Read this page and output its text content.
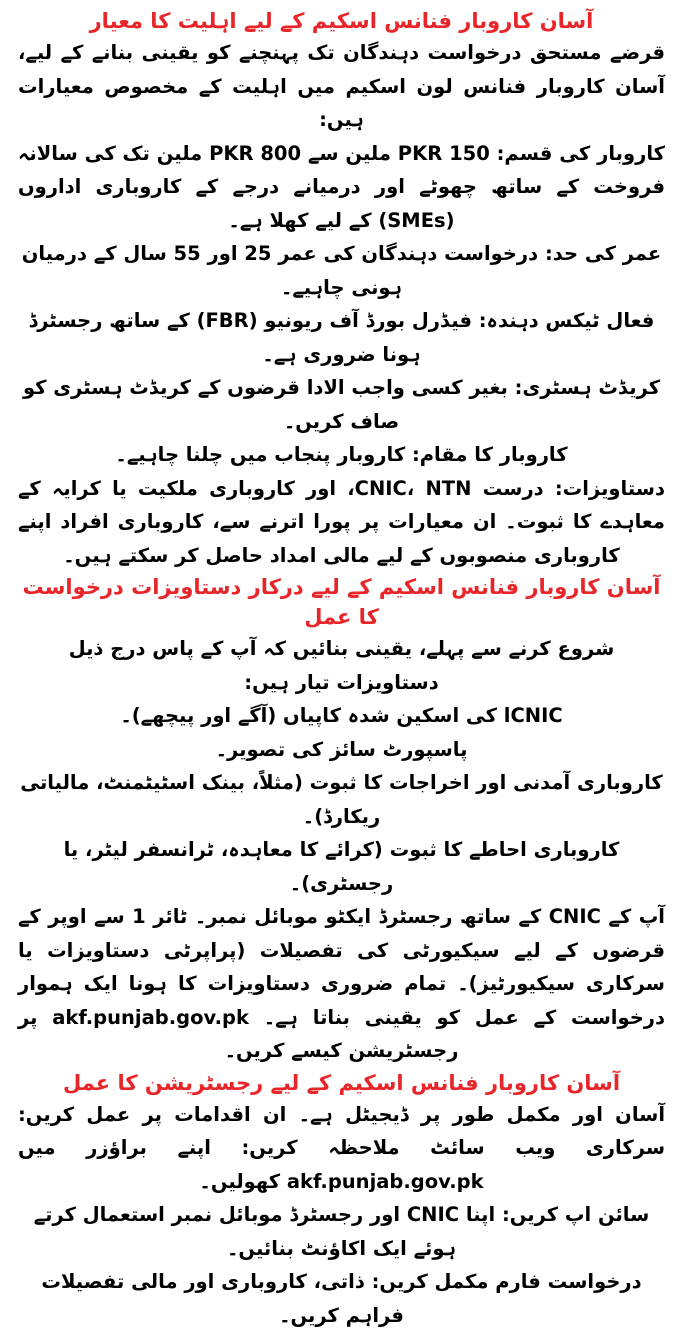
آسان کاروبار فنانس اسکیم کے لیے اہلیت کا معیار

قرضے مستحق درخواست دہندگان تک پہنچنے کو یقینی بنانے کے لیے، آسان کاروبار فنانس لون اسکیم میں اہلیت کے مخصوص معیارات ہیں:

کاروبار کی قسم: PKR 150 ملین سے PKR 800 ملین تک کی سالانہ فروخت کے ساتھ چھوٹے اور درمیانے درجے کے کاروباری اداروں (SMEs) کے لیے کھلا ہے۔

عمر کی حد: درخواست دہندگان کی عمر 25 اور 55 سال کے درمیان ہونی چاہیے۔

فعال ٹیکس دہندہ: فیڈرل بورڈ آف ریونیو (FBR) کے ساتھ رجسٹرڈ ہونا ضروری ہے۔

کریڈٹ ہسٹری: بغیر کسی واجب الادا قرضوں کے کریڈٹ ہسٹری کو صاف کریں۔

کاروبار کا مقام: کاروبار پنجاب میں چلنا چاہیے۔

دستاویزات: درست CNIC، NTN، اور کاروباری ملکیت یا کرایہ کے معاہدے کا ثبوت۔ ان معیارات پر پورا اترنے سے، کاروباری افراد اپنے کاروباری منصوبوں کے لیے مالی امداد حاصل کر سکتے ہیں۔

آسان کاروبار فنانس اسکیم کے لیے درکار دستاویزات درخواست کا عمل

شروع کرنے سے پہلے، یقینی بنائیں کہ آپ کے پاس درج ذیل دستاویزات تیار ہیں:

CNICا کی اسکین شدہ کاپیاں (آگے اور پیچھے)۔

پاسپورٹ سائز کی تصویر۔

کاروباری آمدنی اور اخراجات کا ثبوت (مثلاً، بینک اسٹیٹمنٹ، مالیاتی ریکارڈ)۔

کاروباری احاطے کا ثبوت (کرائے کا معاہدہ، ٹرانسفر لیٹر، یا رجسٹری)۔

آپ کے CNIC کے ساتھ رجسٹرڈ ایکٹو موبائل نمبر۔ ٹائر 1 سے اوپر کے قرضوں کے لیے سیکیورٹی کی تفصیلات (پراپرٹی دستاویزات یا سرکاری سیکیورٹیز)۔ تمام ضروری دستاویزات کا ہونا ایک ہموار درخواست کے عمل کو یقینی بناتا ہے۔ akf.punjab.gov.pk پر رجسٹریشن کیسے کریں۔

آسان کاروبار فنانس اسکیم کے لیے رجسٹریشن کا عمل

آسان اور مکمل طور پر ڈیجیٹل ہے۔ ان اقدامات پر عمل کریں: سرکاری ویب سائٹ ملاحظہ کریں: اپنے براؤزر میں akf.punjab.gov.pk کھولیں۔

سائن اپ کریں: اپنا CNIC اور رجسٹرڈ موبائل نمبر استعمال کرتے ہوئے ایک اکاؤنٹ بنائیں۔

درخواست فارم مکمل کریں: ذاتی، کاروباری اور مالی تفصیلات فراہم کریں۔
